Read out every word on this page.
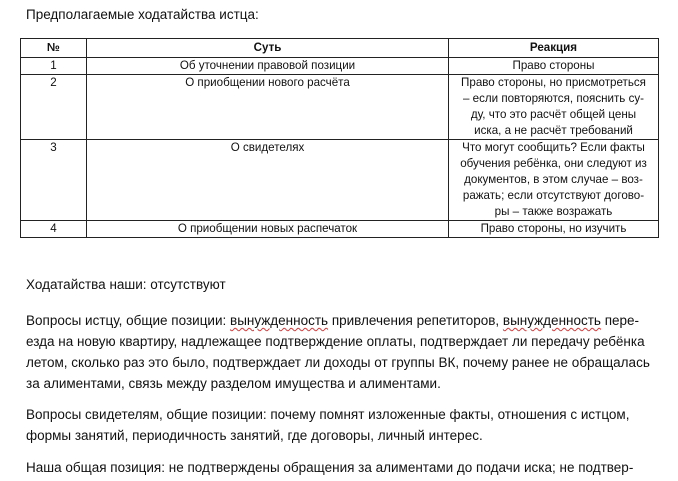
Предполагаемые ходатайства истца:
№	Суть	Реакция
1	Об уточнении правовой позиции	Право стороны

2	О приобщении нового расчёта	Право стороны, но присмотреться
– если повторяются, пояснить су-
ду, что это расчёт общей цены
иска, а не расчёт требований

3	О свидетелях	Что могут сообщить? Если факты
обучения ребёнка, они следуют из
документов, в этом случае – воз-
ражать; если отсутствуют догово-
ры – также возражать

4	О приобщении новых распечаток	Право стороны, но изучить
Ходатайства наши: отсутствуют
Вопросы истцу, общие позиции: вынужденность привлечения репетиторов, вынужденность пере-
езда на новую квартиру, надлежащее подтверждение оплаты, подтверждает ли передачу ребёнка
летом, сколько раз это было, подтверждает ли доходы от группы ВК, почему ранее не обращалась
за алиментами, связь между разделом имущества и алиментами.
Вопросы свидетелям, общие позиции: почему помнят изложенные факты, отношения с истцом,
формы занятий, периодичность занятий, где договоры, личный интерес.
Наша общая позиция: не подтверждены обращения за алиментами до подачи иска; не подтвер-
